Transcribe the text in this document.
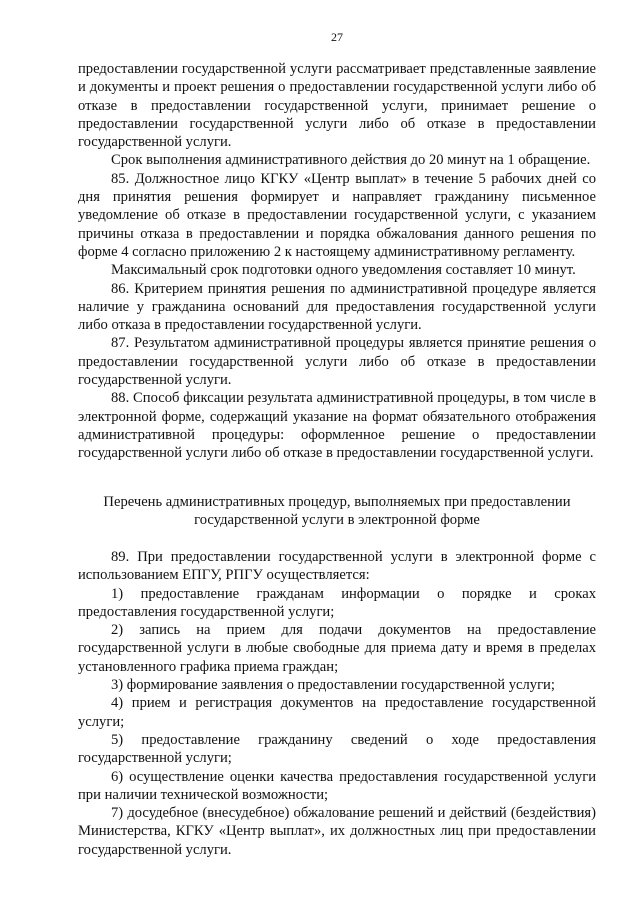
27

предоставлении государственной услуги рассматривает представленные заявление и документы и проект решения о предоставлении государственной услуги либо об отказе в предоставлении государственной услуги, принимает решение о предоставлении государственной услуги либо об отказе в предоставлении государственной услуги.

Срок выполнения административного действия до 20 минут на 1 обращение.

85. Должностное лицо КГКУ «Центр выплат» в течение 5 рабочих дней со дня принятия решения формирует и направляет гражданину письменное уведомление об отказе в предоставлении государственной услуги, с указанием причины отказа в предоставлении и порядка обжалования данного решения по форме 4 согласно приложению 2 к настоящему административному регламенту.

Максимальный срок подготовки одного уведомления составляет 10 минут.

86. Критерием принятия решения по административной процедуре является наличие у гражданина оснований для предоставления государственной услуги либо отказа в предоставлении государственной услуги.

87. Результатом административной процедуры является принятие решения о предоставлении государственной услуги либо об отказе в предоставлении государственной услуги.

88. Способ фиксации результата административной процедуры, в том числе в электронной форме, содержащий указание на формат обязательного отображения административной процедуры: оформленное решение о предоставлении государственной услуги либо об отказе в предоставлении государственной услуги.

Перечень административных процедур, выполняемых при предоставлении
государственной услуги в электронной форме

89. При предоставлении государственной услуги в электронной форме с использованием ЕПГУ, РПГУ осуществляется:

1) предоставление гражданам информации о порядке и сроках предоставления государственной услуги;

2) запись на прием для подачи документов на предоставление государственной услуги в любые свободные для приема дату и время в пределах установленного графика приема граждан;

3) формирование заявления о предоставлении государственной услуги;

4) прием и регистрация документов на предоставление государственной услуги;

5) предоставление гражданину сведений о ходе предоставления государственной услуги;

6) осуществление оценки качества предоставления государственной услуги при наличии технической возможности;

7) досудебное (внесудебное) обжалование решений и действий (бездействия) Министерства, КГКУ «Центр выплат», их должностных лиц при предоставлении государственной услуги.
